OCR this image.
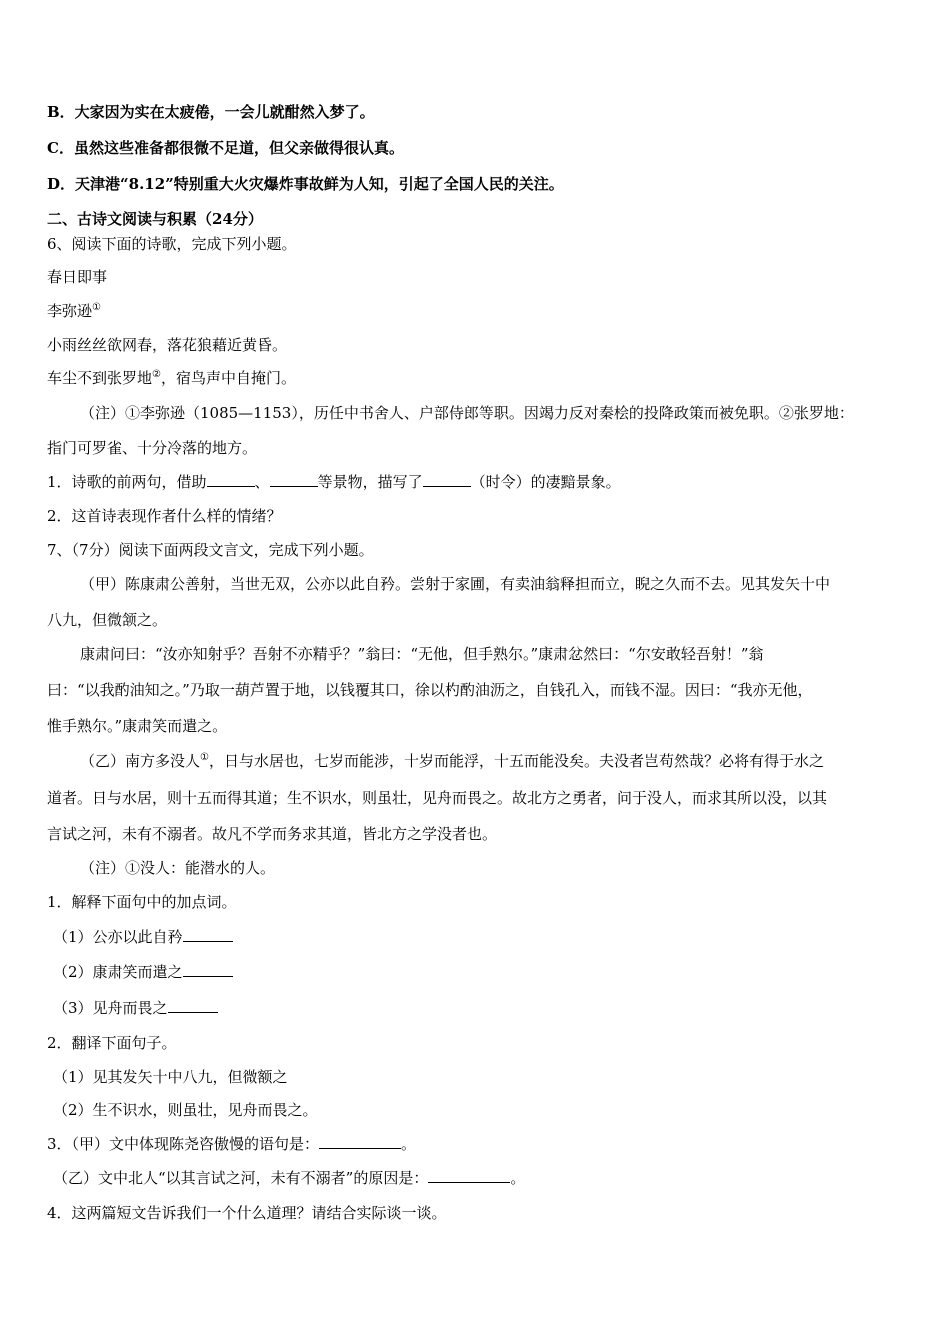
B．大家因为实在太疲倦，一会儿就酣然入梦了。
C．虽然这些准备都很微不足道，但父亲做得很认真。
D．天津港“8.12”特别重大火灾爆炸事故鲜为人知，引起了全国人民的关注。
二、古诗文阅读与积累（24分）
6、阅读下面的诗歌，完成下列小题。
春日即事
李弥逊①
小雨丝丝欲网春，落花狼藉近黄昏。
车尘不到张罗地②，宿鸟声中自掩门。
（注）①李弥逊（1085—1153），历任中书舍人、户部侍郎等职。因竭力反对秦桧的投降政策而被免职。②张罗地：
指门可罗雀、十分冷落的地方。
1．诗歌的前两句，借助	、	等景物，描写了	（时令）的凄黯景象。
2．这首诗表现作者什么样的情绪？
7、（7分）阅读下面两段文言文，完成下列小题。
（甲）陈康肃公善射，当世无双，公亦以此自矜。尝射于家圃，有卖油翁释担而立，睨之久而不去。见其发矢十中
八九，但微颔之。
康肃问曰：“汝亦知射乎？吾射不亦精乎？”翁曰：“无他，但手熟尔。”康肃忿然曰：“尔安敢轻吾射！”翁
曰：“以我酌油知之。”乃取一葫芦置于地，以钱覆其口，徐以杓酌油沥之，自钱孔入，而钱不湿。因曰：“我亦无他，
惟手熟尔。”康肃笑而遣之。
（乙）南方多没人①，日与水居也，七岁而能涉，十岁而能浮，十五而能没矣。夫没者岂苟然哉？必将有得于水之
道者。日与水居，则十五而得其道；生不识水，则虽壮，见舟而畏之。故北方之勇者，问于没人，而求其所以没，以其
言试之河，未有不溺者。故凡不学而务求其道，皆北方之学没者也。
（注）①没人：能潜水的人。
1．解释下面句中的加点词。
（1）公亦以此自矜
（2）康肃笑而遣之
（3）见舟而畏之
2．翻译下面句子。
（1）见其发矢十中八九，但微额之
（2）生不识水，则虽壮，见舟而畏之。
3．（甲）文中体现陈尧咨傲慢的语句是：	。
（乙）文中北人“以其言试之河，未有不溺者”的原因是：	。
4．这两篇短文告诉我们一个什么道理？请结合实际谈一谈。
